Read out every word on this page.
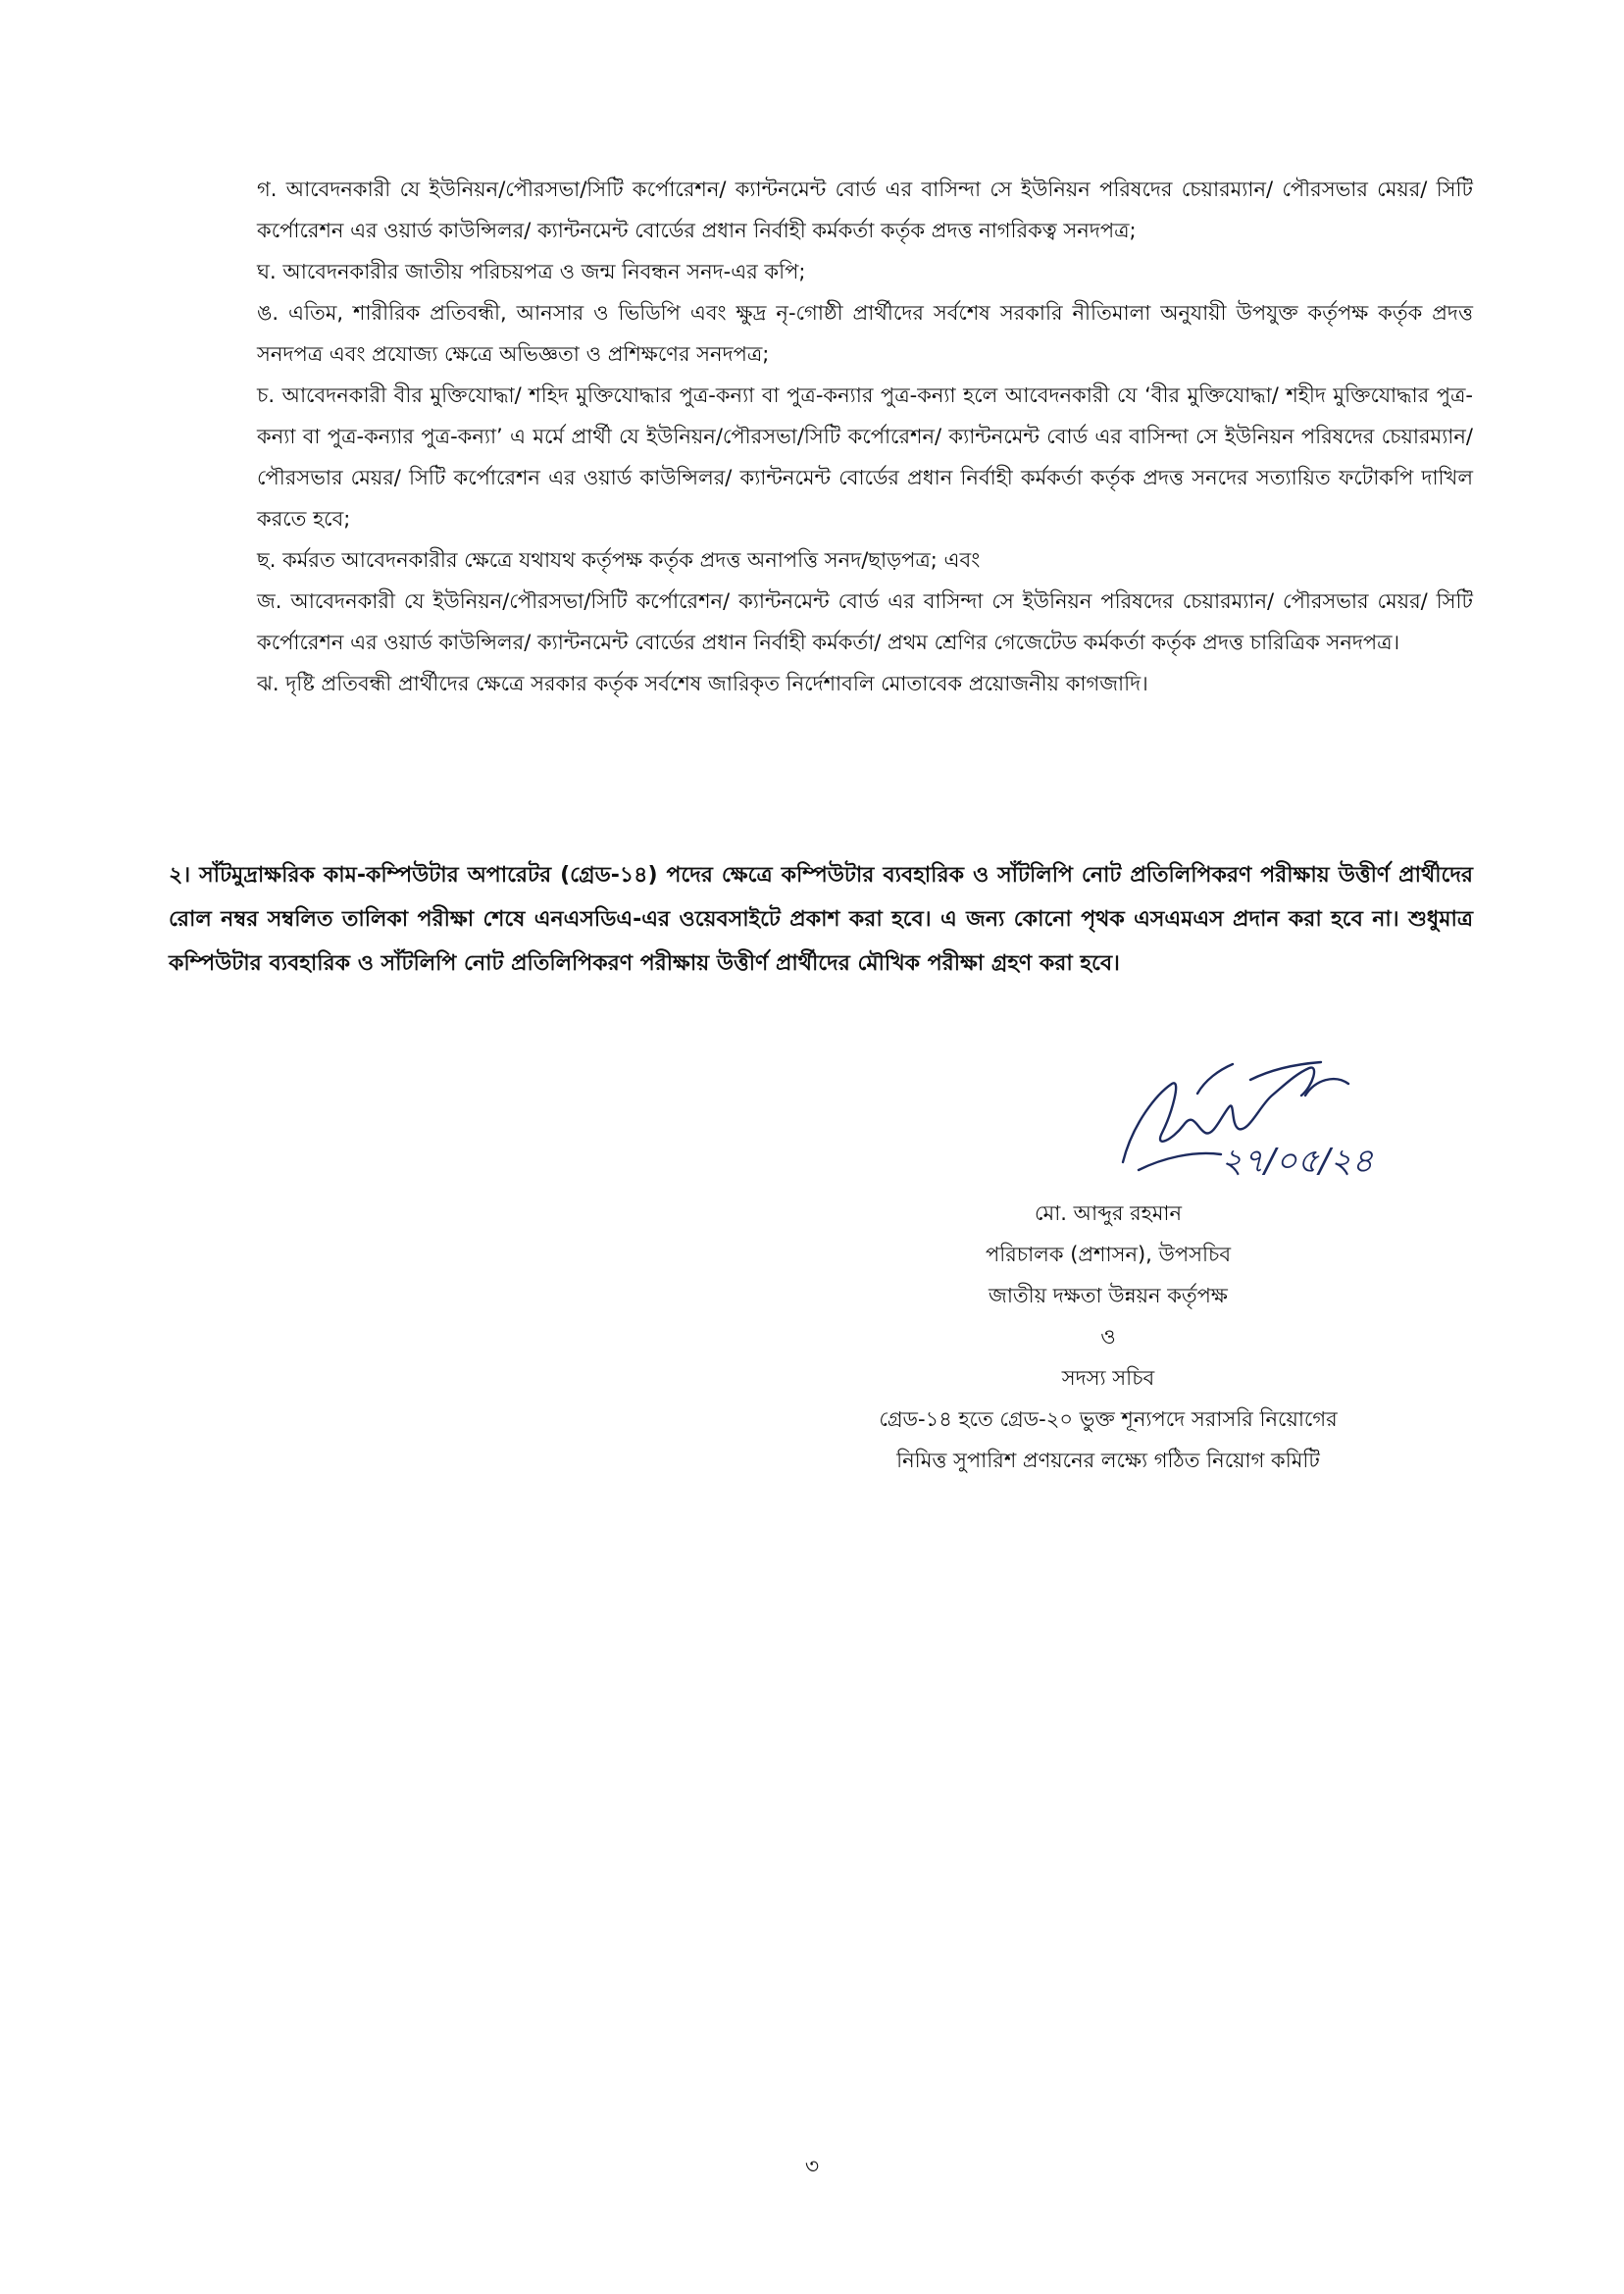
গ. আবেদনকারী যে ইউনিয়ন/পৌরসভা/সিটি কর্পোরেশন/ ক্যান্টনমেন্ট বোর্ড এর বাসিন্দা সে ইউনিয়ন পরিষদের চেয়ারম্যান/ পৌরসভার মেয়র/ সিটি কর্পোরেশন এর ওয়ার্ড কাউন্সিলর/ ক্যান্টনমেন্ট বোর্ডের প্রধান নির্বাহী কর্মকর্তা কর্তৃক প্রদত্ত নাগরিকত্ব সনদপত্র;

ঘ. আবেদনকারীর জাতীয় পরিচয়পত্র ও জন্ম নিবন্ধন সনদ-এর কপি;

ঙ. এতিম, শারীরিক প্রতিবন্ধী, আনসার ও ভিডিপি এবং ক্ষুদ্র নৃ-গোষ্ঠী প্রার্থীদের সর্বশেষ সরকারি নীতিমালা অনুযায়ী উপযুক্ত কর্তৃপক্ষ কর্তৃক প্রদত্ত সনদপত্র এবং প্রযোজ্য ক্ষেত্রে অভিজ্ঞতা ও প্রশিক্ষণের সনদপত্র;

চ. আবেদনকারী বীর মুক্তিযোদ্ধা/ শহিদ মুক্তিযোদ্ধার পুত্র-কন্যা বা পুত্র-কন্যার পুত্র-কন্যা হলে আবেদনকারী যে ‘বীর মুক্তিযোদ্ধা/ শহীদ মুক্তিযোদ্ধার পুত্র-কন্যা বা পুত্র-কন্যার পুত্র-কন্যা’ এ মর্মে প্রার্থী যে ইউনিয়ন/পৌরসভা/সিটি কর্পোরেশন/ ক্যান্টনমেন্ট বোর্ড এর বাসিন্দা সে ইউনিয়ন পরিষদের চেয়ারম্যান/ পৌরসভার মেয়র/ সিটি কর্পোরেশন এর ওয়ার্ড কাউন্সিলর/ ক্যান্টনমেন্ট বোর্ডের প্রধান নির্বাহী কর্মকর্তা কর্তৃক প্রদত্ত সনদের সত্যায়িত ফটোকপি দাখিল করতে হবে;

ছ. কর্মরত আবেদনকারীর ক্ষেত্রে যথাযথ কর্তৃপক্ষ কর্তৃক প্রদত্ত অনাপত্তি সনদ/ছাড়পত্র; এবং

জ. আবেদনকারী যে ইউনিয়ন/পৌরসভা/সিটি কর্পোরেশন/ ক্যান্টনমেন্ট বোর্ড এর বাসিন্দা সে ইউনিয়ন পরিষদের চেয়ারম্যান/ পৌরসভার মেয়র/ সিটি কর্পোরেশন এর ওয়ার্ড কাউন্সিলর/ ক্যান্টনমেন্ট বোর্ডের প্রধান নির্বাহী কর্মকর্তা/ প্রথম শ্রেণির গেজেটেড কর্মকর্তা কর্তৃক প্রদত্ত চারিত্রিক সনদপত্র।

ঝ. দৃষ্টি প্রতিবন্ধী প্রার্থীদের ক্ষেত্রে সরকার কর্তৃক সর্বশেষ জারিকৃত নির্দেশাবলি মোতাবেক প্রয়োজনীয় কাগজাদি।

২। সাঁটমুদ্রাক্ষরিক কাম-কম্পিউটার অপারেটর (গ্রেড-১৪) পদের ক্ষেত্রে কম্পিউটার ব্যবহারিক ও সাঁটলিপি নোট প্রতিলিপিকরণ পরীক্ষায় উত্তীর্ণ প্রার্থীদের রোল নম্বর সম্বলিত তালিকা পরীক্ষা শেষে এনএসডিএ-এর ওয়েবসাইটে প্রকাশ করা হবে। এ জন্য কোনো পৃথক এসএমএস প্রদান করা হবে না। শুধুমাত্র কম্পিউটার ব্যবহারিক ও সাঁটলিপি নোট প্রতিলিপিকরণ পরীক্ষায় উত্তীর্ণ প্রার্থীদের মৌখিক পরীক্ষা গ্রহণ করা হবে।

২৭/০৫/২৪
মো. আব্দুর রহমান
পরিচালক (প্রশাসন), উপসচিব
জাতীয় দক্ষতা উন্নয়ন কর্তৃপক্ষ
ও
সদস্য সচিব
গ্রেড-১৪ হতে গ্রেড-২০ ভুক্ত শূন্যপদে সরাসরি নিয়োগের
নিমিত্ত সুপারিশ প্রণয়নের লক্ষ্যে গঠিত নিয়োগ কমিটি
৩
